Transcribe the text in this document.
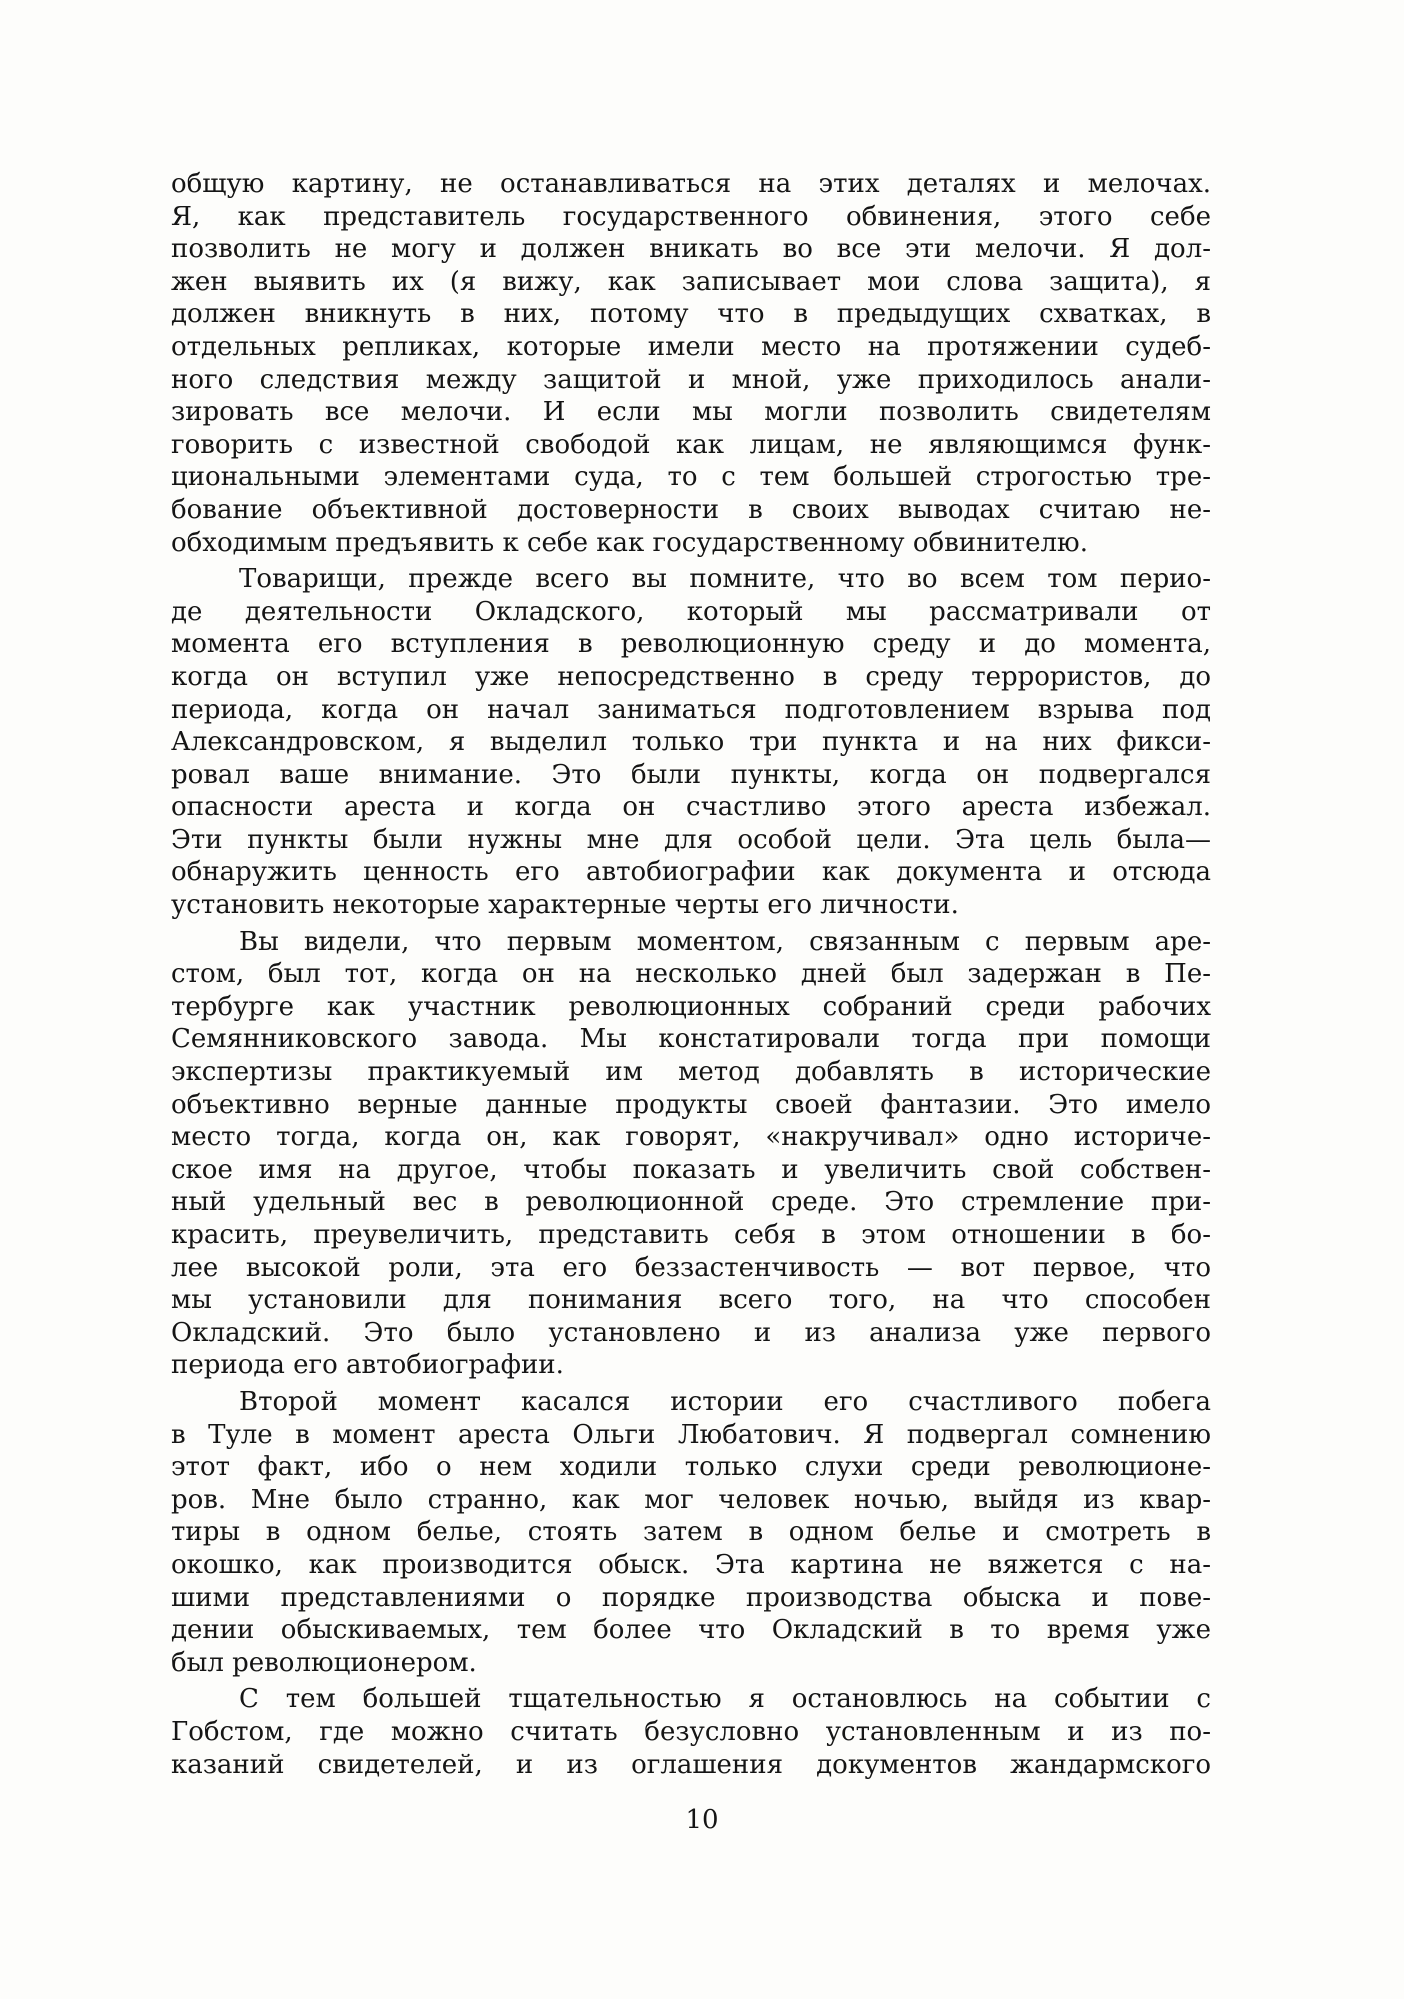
общую картину, не останавливаться на этих деталях и мелочах.
Я, как представитель государственного обвинения, этого себе
позволить не могу и должен вникать во все эти мелочи. Я дол-
жен выявить их (я вижу, как записывает мои слова защита), я
должен вникнуть в них, потому что в предыдущих схватках, в
отдельных репликах, которые имели место на протяжении судеб-
ного следствия между защитой и мной, уже приходилось анали-
зировать все мелочи. И если мы могли позволить свидетелям
говорить с известной свободой как лицам, не являющимся функ-
циональными элементами суда, то с тем большей строгостью тре-
бование объективной достоверности в своих выводах считаю не-
обходимым предъявить к себе как государственному обвинителю.
Товарищи, прежде всего вы помните, что во всем том перио-
де деятельности Окладского, который мы рассматривали от
момента его вступления в революционную среду и до момента,
когда он вступил уже непосредственно в среду террористов, до
периода, когда он начал заниматься подготовлением взрыва под
Александровском, я выделил только три пункта и на них фикси-
ровал ваше внимание. Это были пункты, когда он подвергался
опасности ареста и когда он счастливо этого ареста избежал.
Эти пункты были нужны мне для особой цели. Эта цель была—
обнаружить ценность его автобиографии как документа и отсюда
установить некоторые характерные черты его личности.
Вы видели, что первым моментом, связанным с первым аре-
стом, был тот, когда он на несколько дней был задержан в Пе-
тербурге как участник революционных собраний среди рабочих
Семянниковского завода. Мы констатировали тогда при помощи
экспертизы практикуемый им метод добавлять в исторические
объективно верные данные продукты своей фантазии. Это имело
место тогда, когда он, как говорят, «накручивал» одно историче-
ское имя на другое, чтобы показать и увеличить свой собствен-
ный удельный вес в революционной среде. Это стремление при-
красить, преувеличить, представить себя в этом отношении в бо-
лее высокой роли, эта его беззастенчивость — вот первое, что
мы установили для понимания всего того, на что способен
Окладский. Это было установлено и из анализа уже первого
периода его автобиографии.
Второй момент касался истории его счастливого побега
в Туле в момент ареста Ольги Любатович. Я подвергал сомнению
этот факт, ибо о нем ходили только слухи среди революционе-
ров. Мне было странно, как мог человек ночью, выйдя из квар-
тиры в одном белье, стоять затем в одном белье и смотреть в
окошко, как производится обыск. Эта картина не вяжется с на-
шими представлениями о порядке производства обыска и пове-
дении обыскиваемых, тем более что Окладский в то время уже
был революционером.
С тем большей тщательностью я остановлюсь на событии с
Гобстом, где можно считать безусловно установленным и из по-
казаний свидетелей, и из оглашения документов жандармского
10
